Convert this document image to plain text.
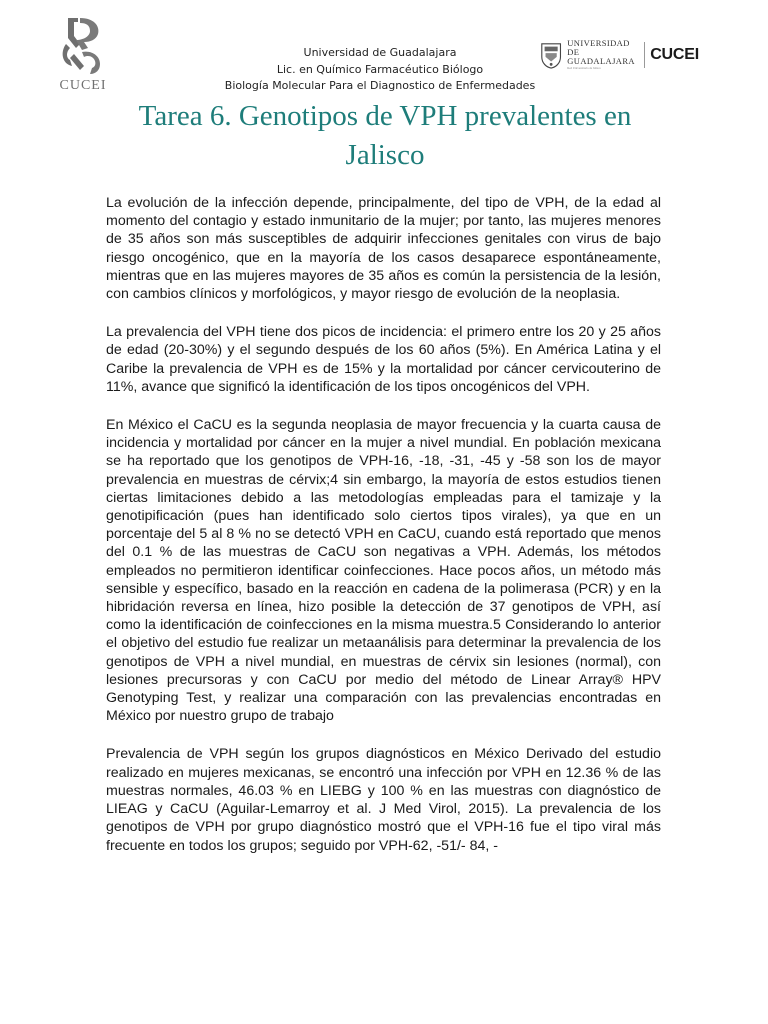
CUCEI
Universidad de Guadalajara
Lic. en Químico Farmacéutico Biólogo
Biología Molecular Para el Diagnostico de Enfermedades
UNIVERSIDAD DE
GUADALAJARA
Red Universitaria de Jalisco
CUCEI
Tarea 6. Genotipos de VPH prevalentes en Jalisco

La evolución de la infección depende, principalmente, del tipo de VPH, de la edad al momento del contagio y estado inmunitario de la mujer; por tanto, las mujeres menores de 35 años son más susceptibles de adquirir infecciones genitales con virus de bajo riesgo oncogénico, que en la mayoría de los casos desaparece espontáneamente, mientras que en las mujeres mayores de 35 años es común la persistencia de la lesión, con cambios clínicos y morfológicos, y mayor riesgo de evolución de la neoplasia.

La prevalencia del VPH tiene dos picos de incidencia: el primero entre los 20 y 25 años de edad (20-30%) y el segundo después de los 60 años (5%). En América Latina y el Caribe la prevalencia de VPH es de 15% y la mortalidad por cáncer cervicouterino de 11%, avance que significó la identificación de los tipos oncogénicos del VPH.

En México el CaCU es la segunda neoplasia de mayor frecuencia y la cuarta causa de incidencia y mortalidad por cáncer en la mujer a nivel mundial. En población mexicana se ha reportado que los genotipos de VPH-16, -18, -31, -45 y -58 son los de mayor prevalencia en muestras de cérvix;4 sin embargo, la mayoría de estos estudios tienen ciertas limitaciones debido a las metodologías empleadas para el tamizaje y la genotipificación (pues han identificado solo ciertos tipos virales), ya que en un porcentaje del 5 al 8 % no se detectó VPH en CaCU, cuando está reportado que menos del 0.1 % de las muestras de CaCU son negativas a VPH. Además, los métodos empleados no permitieron identificar coinfecciones. Hace pocos años, un método más sensible y específico, basado en la reacción en cadena de la polimerasa (PCR) y en la hibridación reversa en línea, hizo posible la detección de 37 genotipos de VPH, así como la identificación de coinfecciones en la misma muestra.5 Considerando lo anterior el objetivo del estudio fue realizar un metaanálisis para determinar la prevalencia de los genotipos de VPH a nivel mundial, en muestras de cérvix sin lesiones (normal), con lesiones precursoras y con CaCU por medio del método de Linear Array® HPV Genotyping Test, y realizar una comparación con las prevalencias encontradas en México por nuestro grupo de trabajo

Prevalencia de VPH según los grupos diagnósticos en México Derivado del estudio realizado en mujeres mexicanas, se encontró una infección por VPH en 12.36 % de las muestras normales, 46.03 % en LIEBG y 100 % en las muestras con diagnóstico de LIEAG y CaCU (Aguilar-Lemarroy et al. J Med Virol, 2015). La prevalencia de los genotipos de VPH por grupo diagnóstico mostró que el VPH-16 fue el tipo viral más frecuente en todos los grupos; seguido por VPH-62, -51/- 84, -
